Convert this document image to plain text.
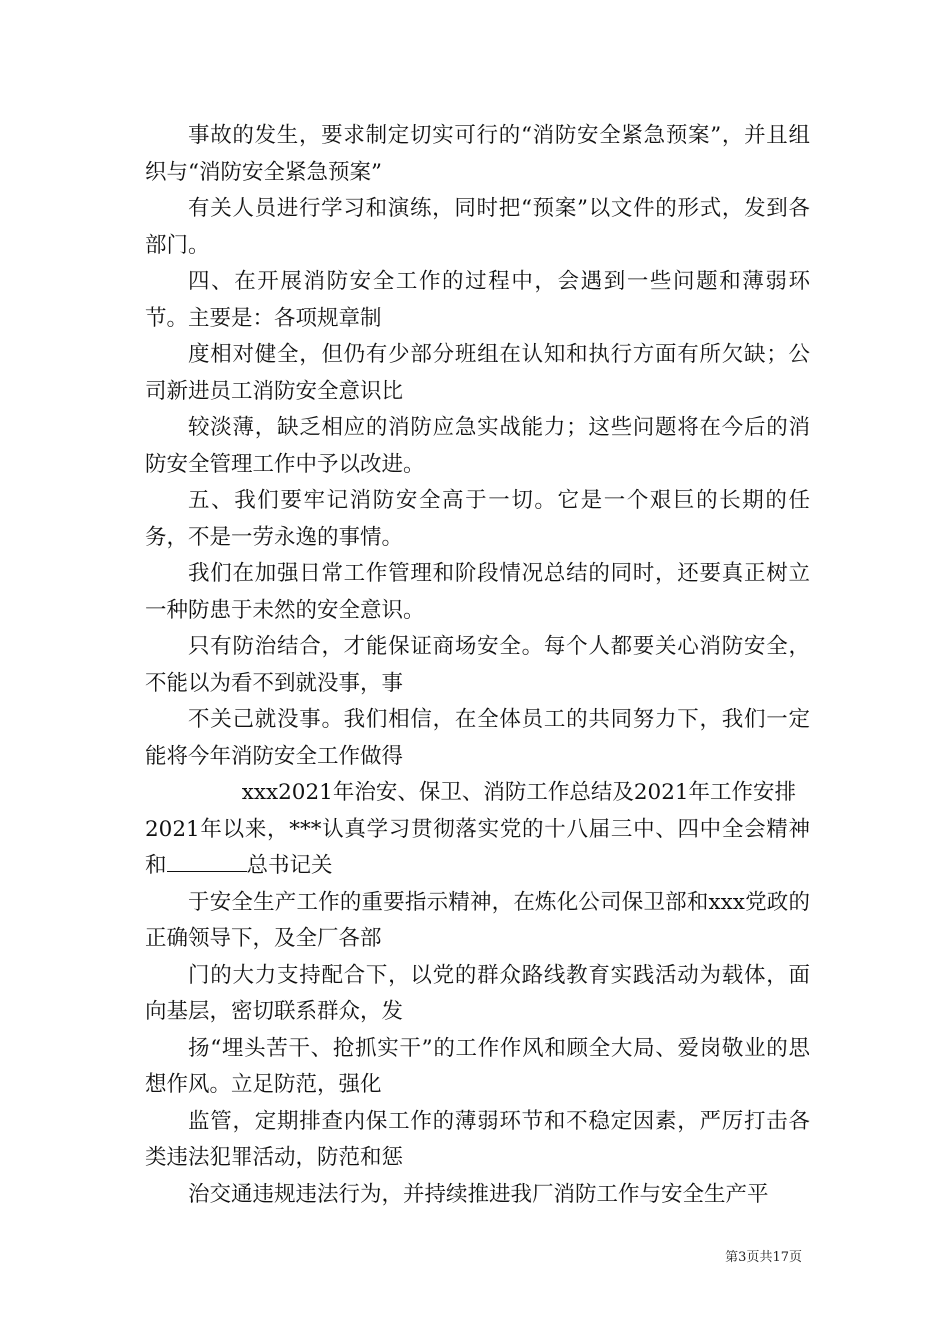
事故的发生，要求制定切实可行的“消防安全紧急预案”，并且组织与“消防安全紧急预案”

有关人员进行学习和演练，同时把“预案”以文件的形式，发到各部门。

四、在开展消防安全工作的过程中，会遇到一些问题和薄弱环节。主要是：各项规章制

度相对健全，但仍有少部分班组在认知和执行方面有所欠缺；公司新进员工消防安全意识比

较淡薄，缺乏相应的消防应急实战能力；这些问题将在今后的消防安全管理工作中予以改进。

五、我们要牢记消防安全高于一切。它是一个艰巨的长期的任务，不是一劳永逸的事情。

我们在加强日常工作管理和阶段情况总结的同时，还要真正树立一种防患于未然的安全意识。

只有防治结合，才能保证商场安全。每个人都要关心消防安全，不能以为看不到就没事，事

不关己就没事。我们相信，在全体员工的共同努力下，我们一定能将今年消防安全工作做得

xxx2021年治安、保卫、消防工作总结及2021年工作安排

2021年以来，***认真学习贯彻落实党的十八届三中、四中全会精神和	总书记关

于安全生产工作的重要指示精神，在炼化公司保卫部和xxx党政的正确领导下，及全厂各部

门的大力支持配合下，以党的群众路线教育实践活动为载体，面向基层，密切联系群众，发

扬“埋头苦干、抢抓实干”的工作作风和顾全大局、爱岗敬业的思想作风。立足防范，强化

监管，定期排查内保工作的薄弱环节和不稳定因素，严厉打击各类违法犯罪活动，防范和惩

治交通违规违法行为，并持续推进我厂消防工作与安全生产平

第3页共17页
